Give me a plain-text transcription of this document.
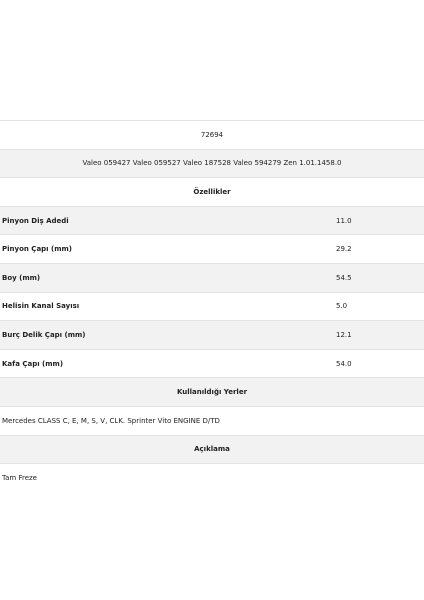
72694
Valeo 059427 Valeo 059527 Valeo 187528 Valeo 594279 Zen 1.01.1458.0
Özellikler
Pinyon Diş Adedi	11.0
Pinyon Çapı (mm)	29.2
Boy (mm)	54.5
Helisin Kanal Sayısı	5.0
Burç Delik Çapı (mm)	12.1
Kafa Çapı (mm)	54.0
Kullanıldığı Yerler
Mercedes CLASS C, E, M, S, V, CLK. Sprinter Vito ENGINE D/TD
Açıklama
Tam Freze
